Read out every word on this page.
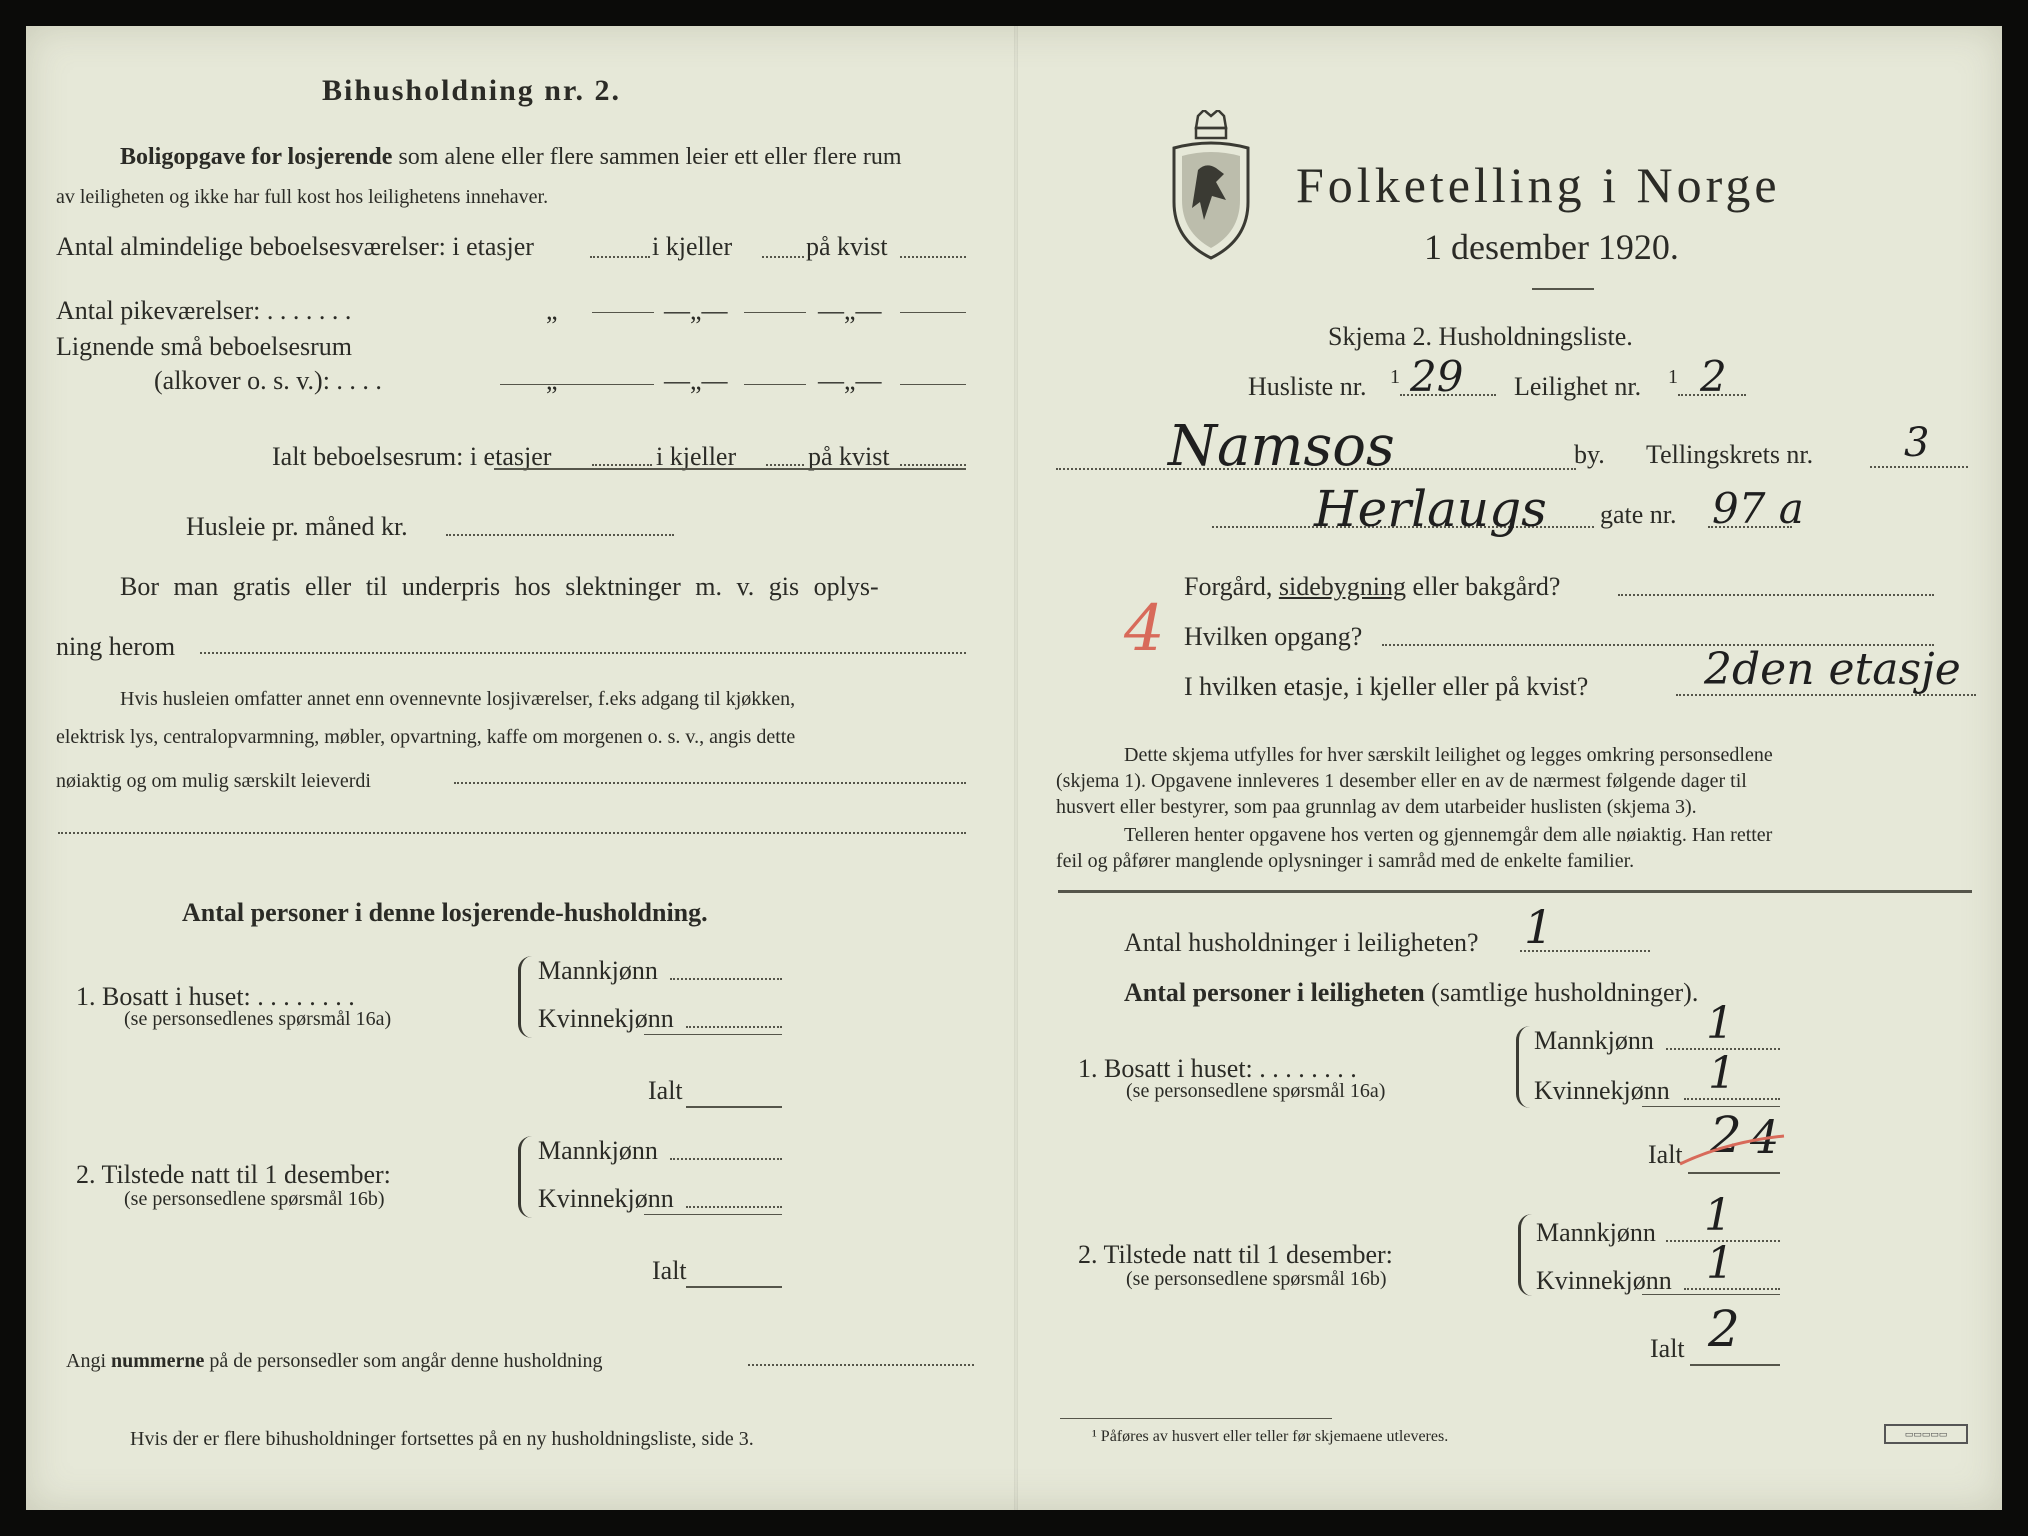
Bihusholdning nr. 2.
Boligopgave for losjerende som alene eller flere sammen leier ett eller flere rum
av leiligheten og ikke har full kost hos leilighetens innehaver.
Antal almindelige beboelsesværelser: i etasjer	i kjeller	på kvist
Antal pikeværelser: . . . . . . .	„	—„—	—„—
Lignende små beboelsesrum
(alkover o. s. v.): . . . .	„	—„—	—„—
Ialt beboelsesrum: i etasjer	i kjeller	på kvist
Husleie pr. måned kr.
Bor man gratis eller til underpris hos slektninger m. v. gis oplys-
ning herom
Hvis husleien omfatter annet enn ovennevnte losjiværelser, f.eks adgang til kjøkken,
elektrisk lys, centralopvarmning, møbler, opvartning, kaffe om morgenen o. s. v., angis dette
nøiaktig og om mulig særskilt leieverdi
Antal personer i denne losjerende-husholdning.
1. Bosatt i huset: . . . . . . . .
(se personsedlenes spørsmål 16a)
Mannkjønn
Kvinnekjønn
Ialt
2. Tilstede natt til 1 desember:
(se personsedlene spørsmål 16b)
Mannkjønn
Kvinnekjønn
Ialt
Angi nummerne på de personsedler som angår denne husholdning
Hvis der er flere bihusholdninger fortsettes på en ny husholdningsliste, side 3.
Folketelling i Norge
1 desember 1920.
Skjema 2. Husholdningsliste.
Husliste nr. 1 29 Leilighet nr. 1 2
Namsos	by. Tellingskrets nr. 3
Herlaugs gate nr. 97 a
4
Forgård, sidebygning eller bakgård?
Hvilken opgang?
I hvilken etasje, i kjeller eller på kvist?	2den etasje
Dette skjema utfylles for hver særskilt leilighet og legges omkring personsedlene
(skjema 1). Opgavene innleveres 1 desember eller en av de nærmest følgende dager til
husvert eller bestyrer, som paa grunnlag av dem utarbeider huslisten (skjema 3).
Telleren henter opgavene hos verten og gjennemgår dem alle nøiaktig. Han retter
feil og påfører manglende oplysninger i samråd med de enkelte familier.
Antal husholdninger i leiligheten? 1
Antal personer i leiligheten (samtlige husholdninger).
1. Bosatt i huset: . . . . . . . .
(se personsedlene spørsmål 16a)
Mannkjønn 1
Kvinnekjønn 1
Ialt 2 4
2. Tilstede natt til 1 desember:
(se personsedlene spørsmål 16b)
Mannkjønn 1
Kvinnekjønn 1
Ialt 2
¹ Påføres av husvert eller teller før skjemaene utleveres.	▭▭▭▭▭
